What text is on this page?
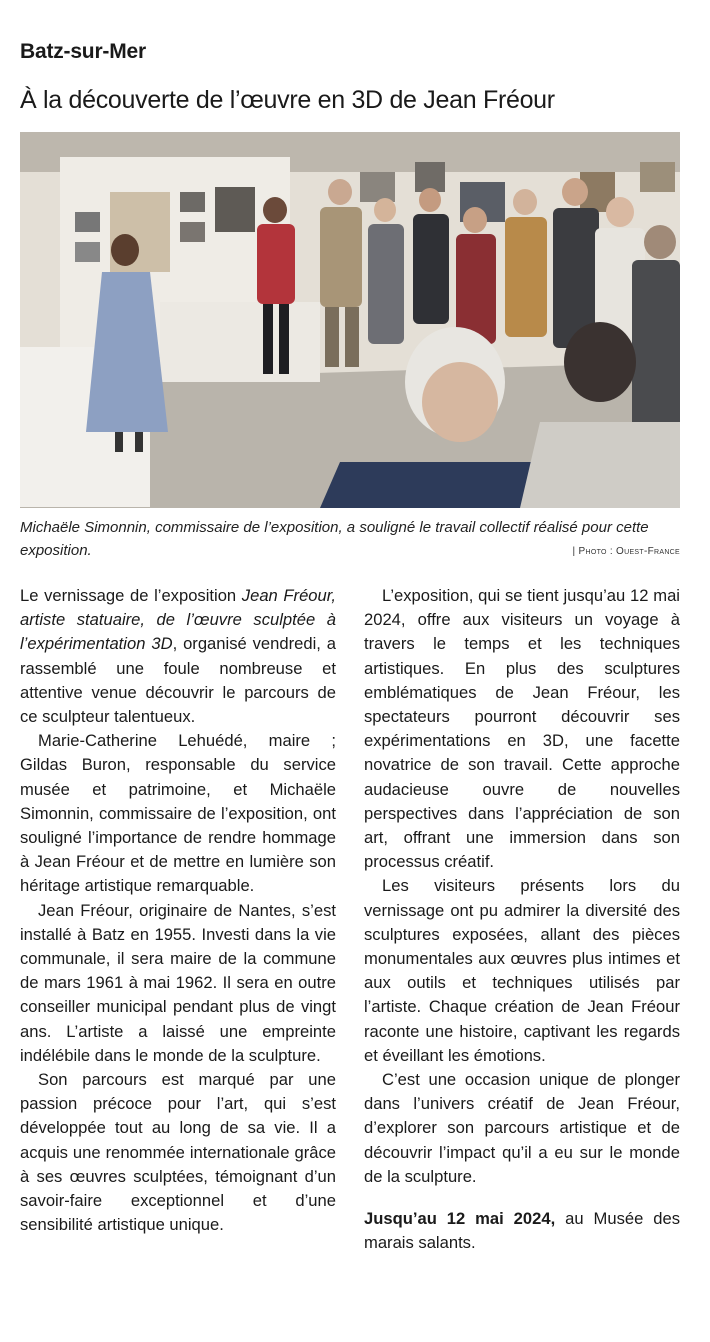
Batz-sur-Mer
À la découverte de l’œuvre en 3D de Jean Fréour
Michaële Simonnin, commissaire de l’exposition, a souligné le travail collectif réalisé pour cette exposition.	| Photo : Ouest-France

Le vernissage de l’exposition Jean Fréour, artiste statuaire, de l’œuvre sculptée à l’expérimentation 3D, organisé vendredi, a rassemblé une foule nombreuse et attentive venue découvrir le parcours de ce sculpteur talentueux.

Marie-Catherine Lehuédé, maire ; Gildas Buron, responsable du service musée et patrimoine, et Michaële Simonnin, commissaire de l’exposition, ont souligné l’importance de rendre hommage à Jean Fréour et de mettre en lumière son héritage artistique remarquable.

Jean Fréour, originaire de Nantes, s’est installé à Batz en 1955. Investi dans la vie communale, il sera maire de la commune de mars 1961 à mai 1962. Il sera en outre conseiller municipal pendant plus de vingt ans. L’artiste a laissé une empreinte indélébile dans le monde de la sculpture.

Son parcours est marqué par une passion précoce pour l’art, qui s’est développée tout au long de sa vie. Il a acquis une renommée internationale grâce à ses œuvres sculptées, témoignant d’un savoir-faire exceptionnel et d’une sensibilité artistique unique.

L’exposition, qui se tient jusqu’au 12 mai 2024, offre aux visiteurs un voyage à travers le temps et les techniques artistiques. En plus des sculptures emblématiques de Jean Fréour, les spectateurs pourront découvrir ses expérimentations en 3D, une facette novatrice de son travail. Cette approche audacieuse ouvre de nouvelles perspectives dans l’appréciation de son art, offrant une immersion dans son processus créatif.

Les visiteurs présents lors du vernissage ont pu admirer la diversité des sculptures exposées, allant des pièces monumentales aux œuvres plus intimes et aux outils et techniques utilisés par l’artiste. Chaque création de Jean Fréour raconte une histoire, captivant les regards et éveillant les émotions.

C’est une occasion unique de plonger dans l’univers créatif de Jean Fréour, d’explorer son parcours artistique et de découvrir l’impact qu’il a eu sur le monde de la sculpture.

Jusqu’au 12 mai 2024, au Musée des marais salants.
